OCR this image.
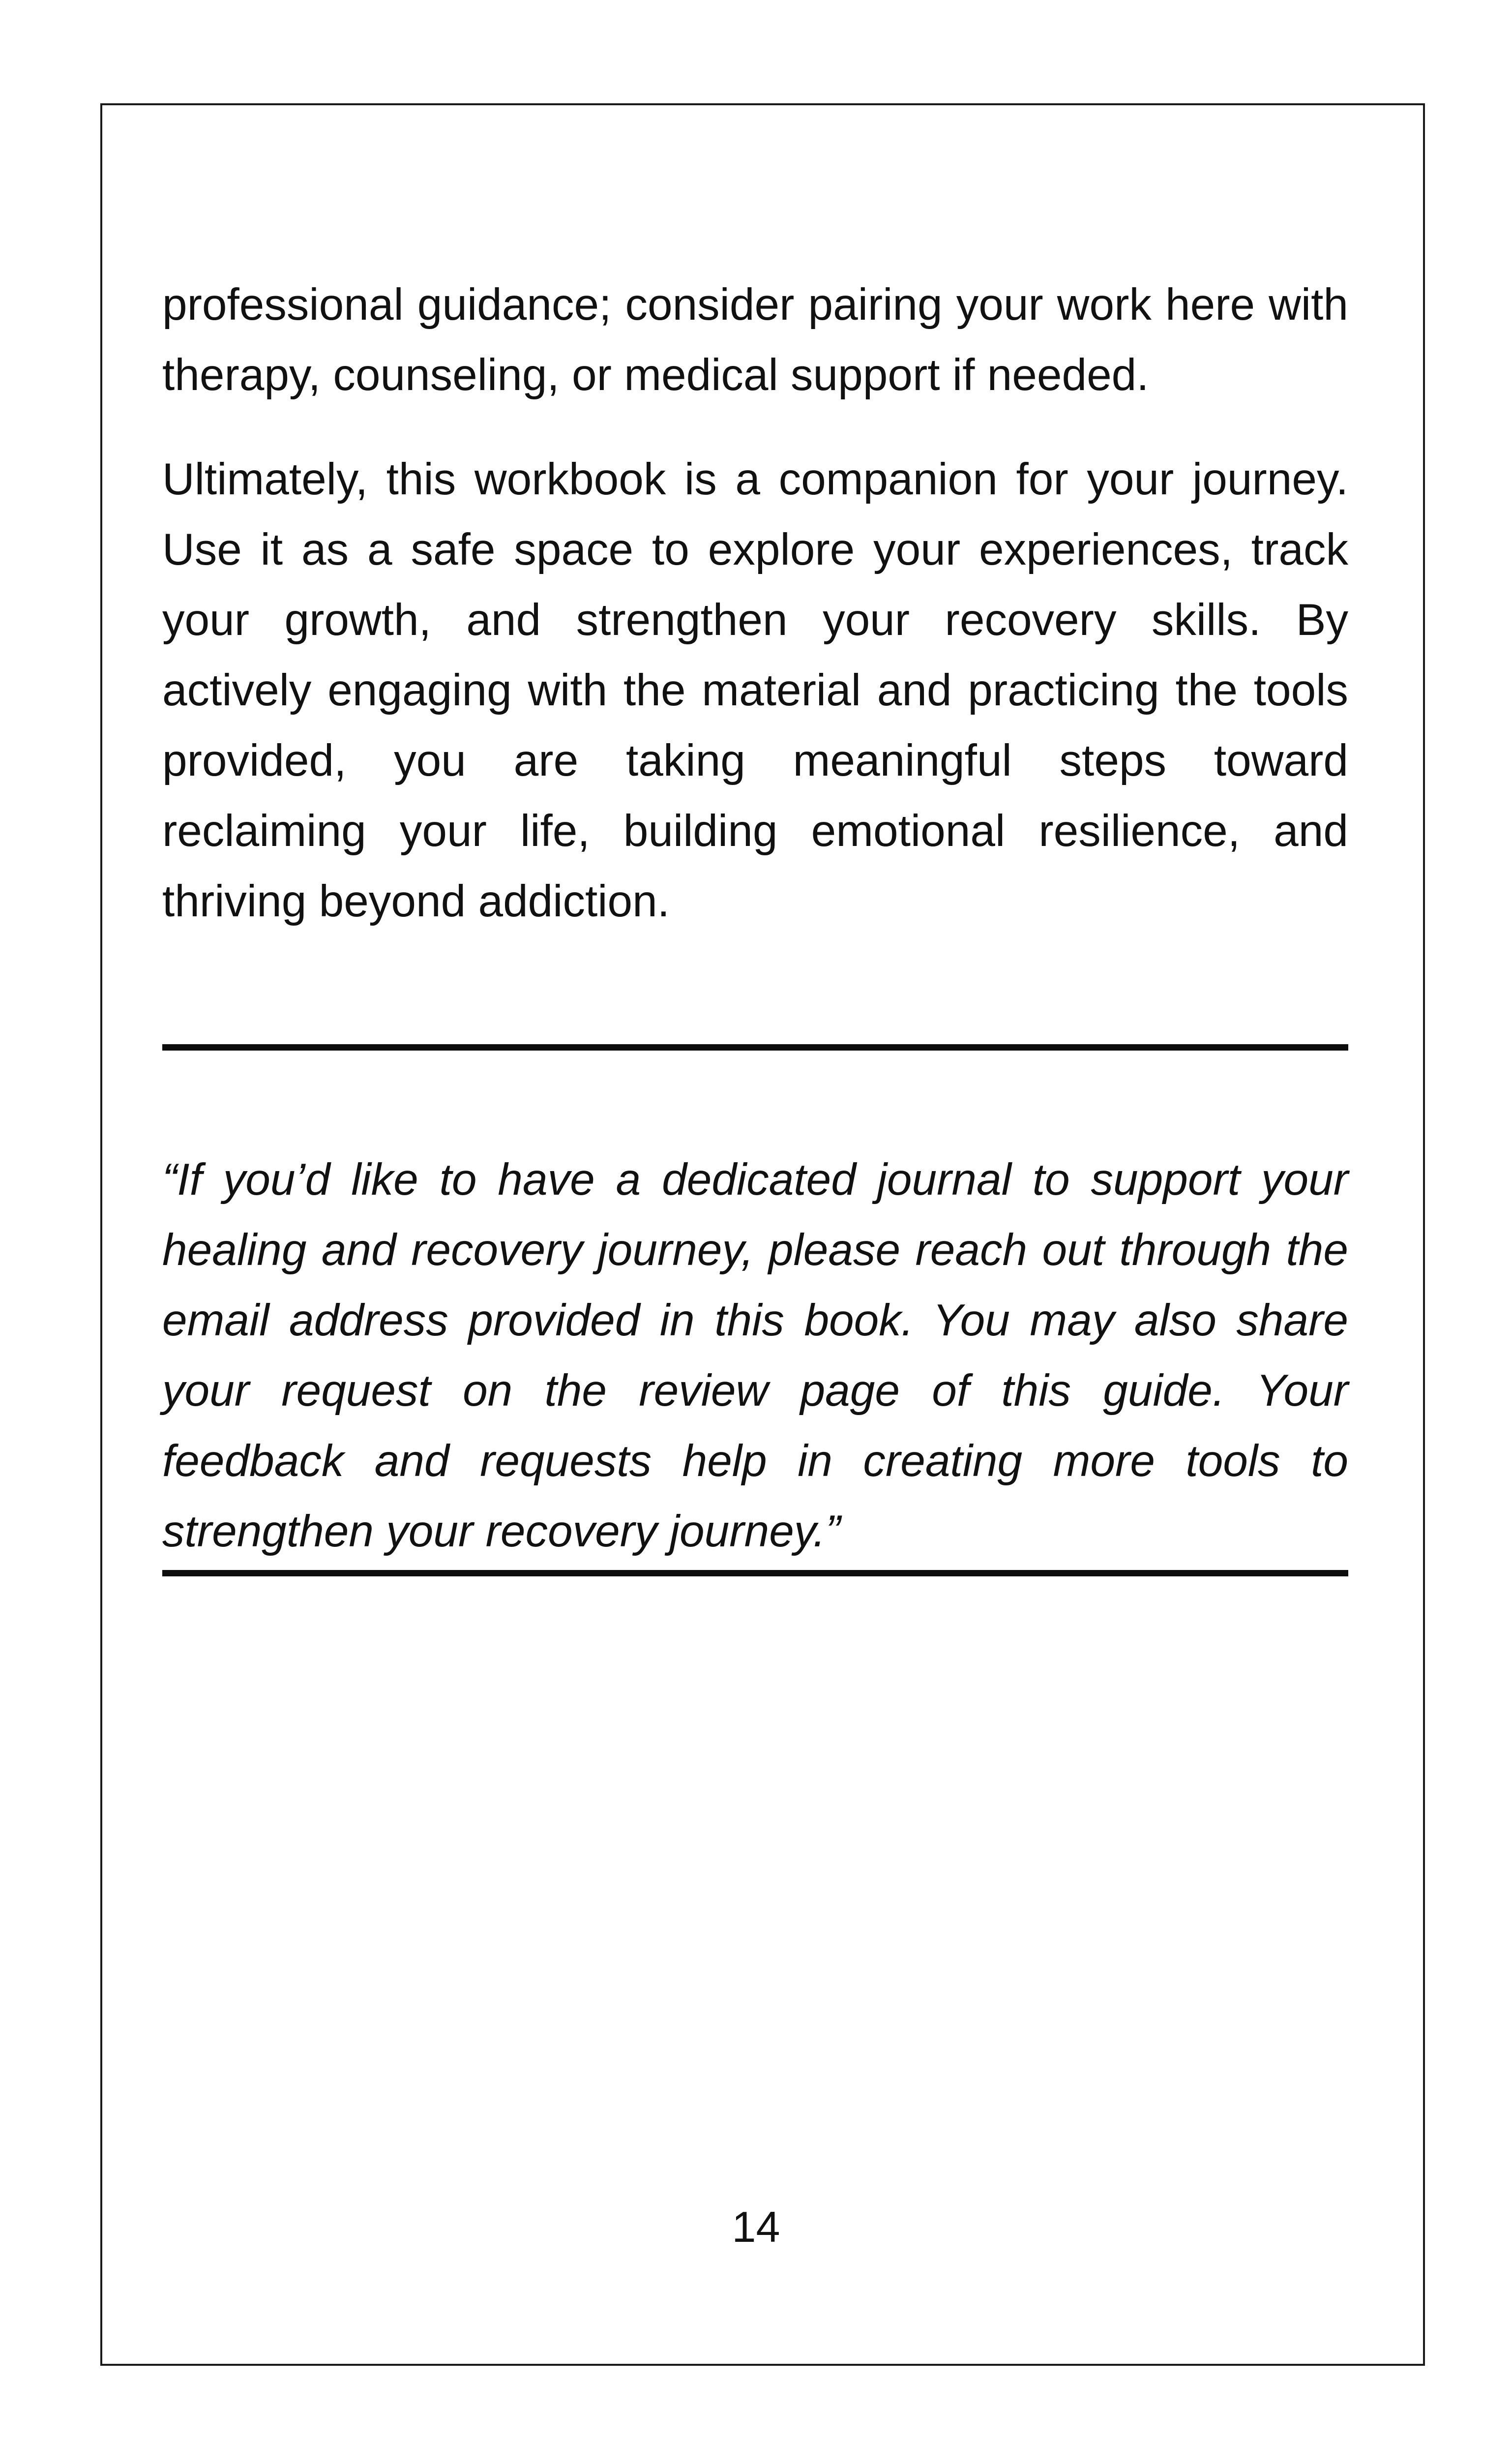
professional guidance; consider pairing your work here with therapy, counseling, or medical support if needed.

Ultimately, this workbook is a companion for your journey. Use it as a safe space to explore your experiences, track your growth, and strengthen your recovery skills. By actively engaging with the material and practicing the tools provided, you are taking meaningful steps toward reclaiming your life, building emotional resilience, and thriving beyond addiction.

“If you’d like to have a dedicated journal to support your healing and recovery journey, please reach out through the email address provided in this book. You may also share your request on the review page of this guide. Your feedback and requests help in creating more tools to strengthen your recovery journey.”

14
